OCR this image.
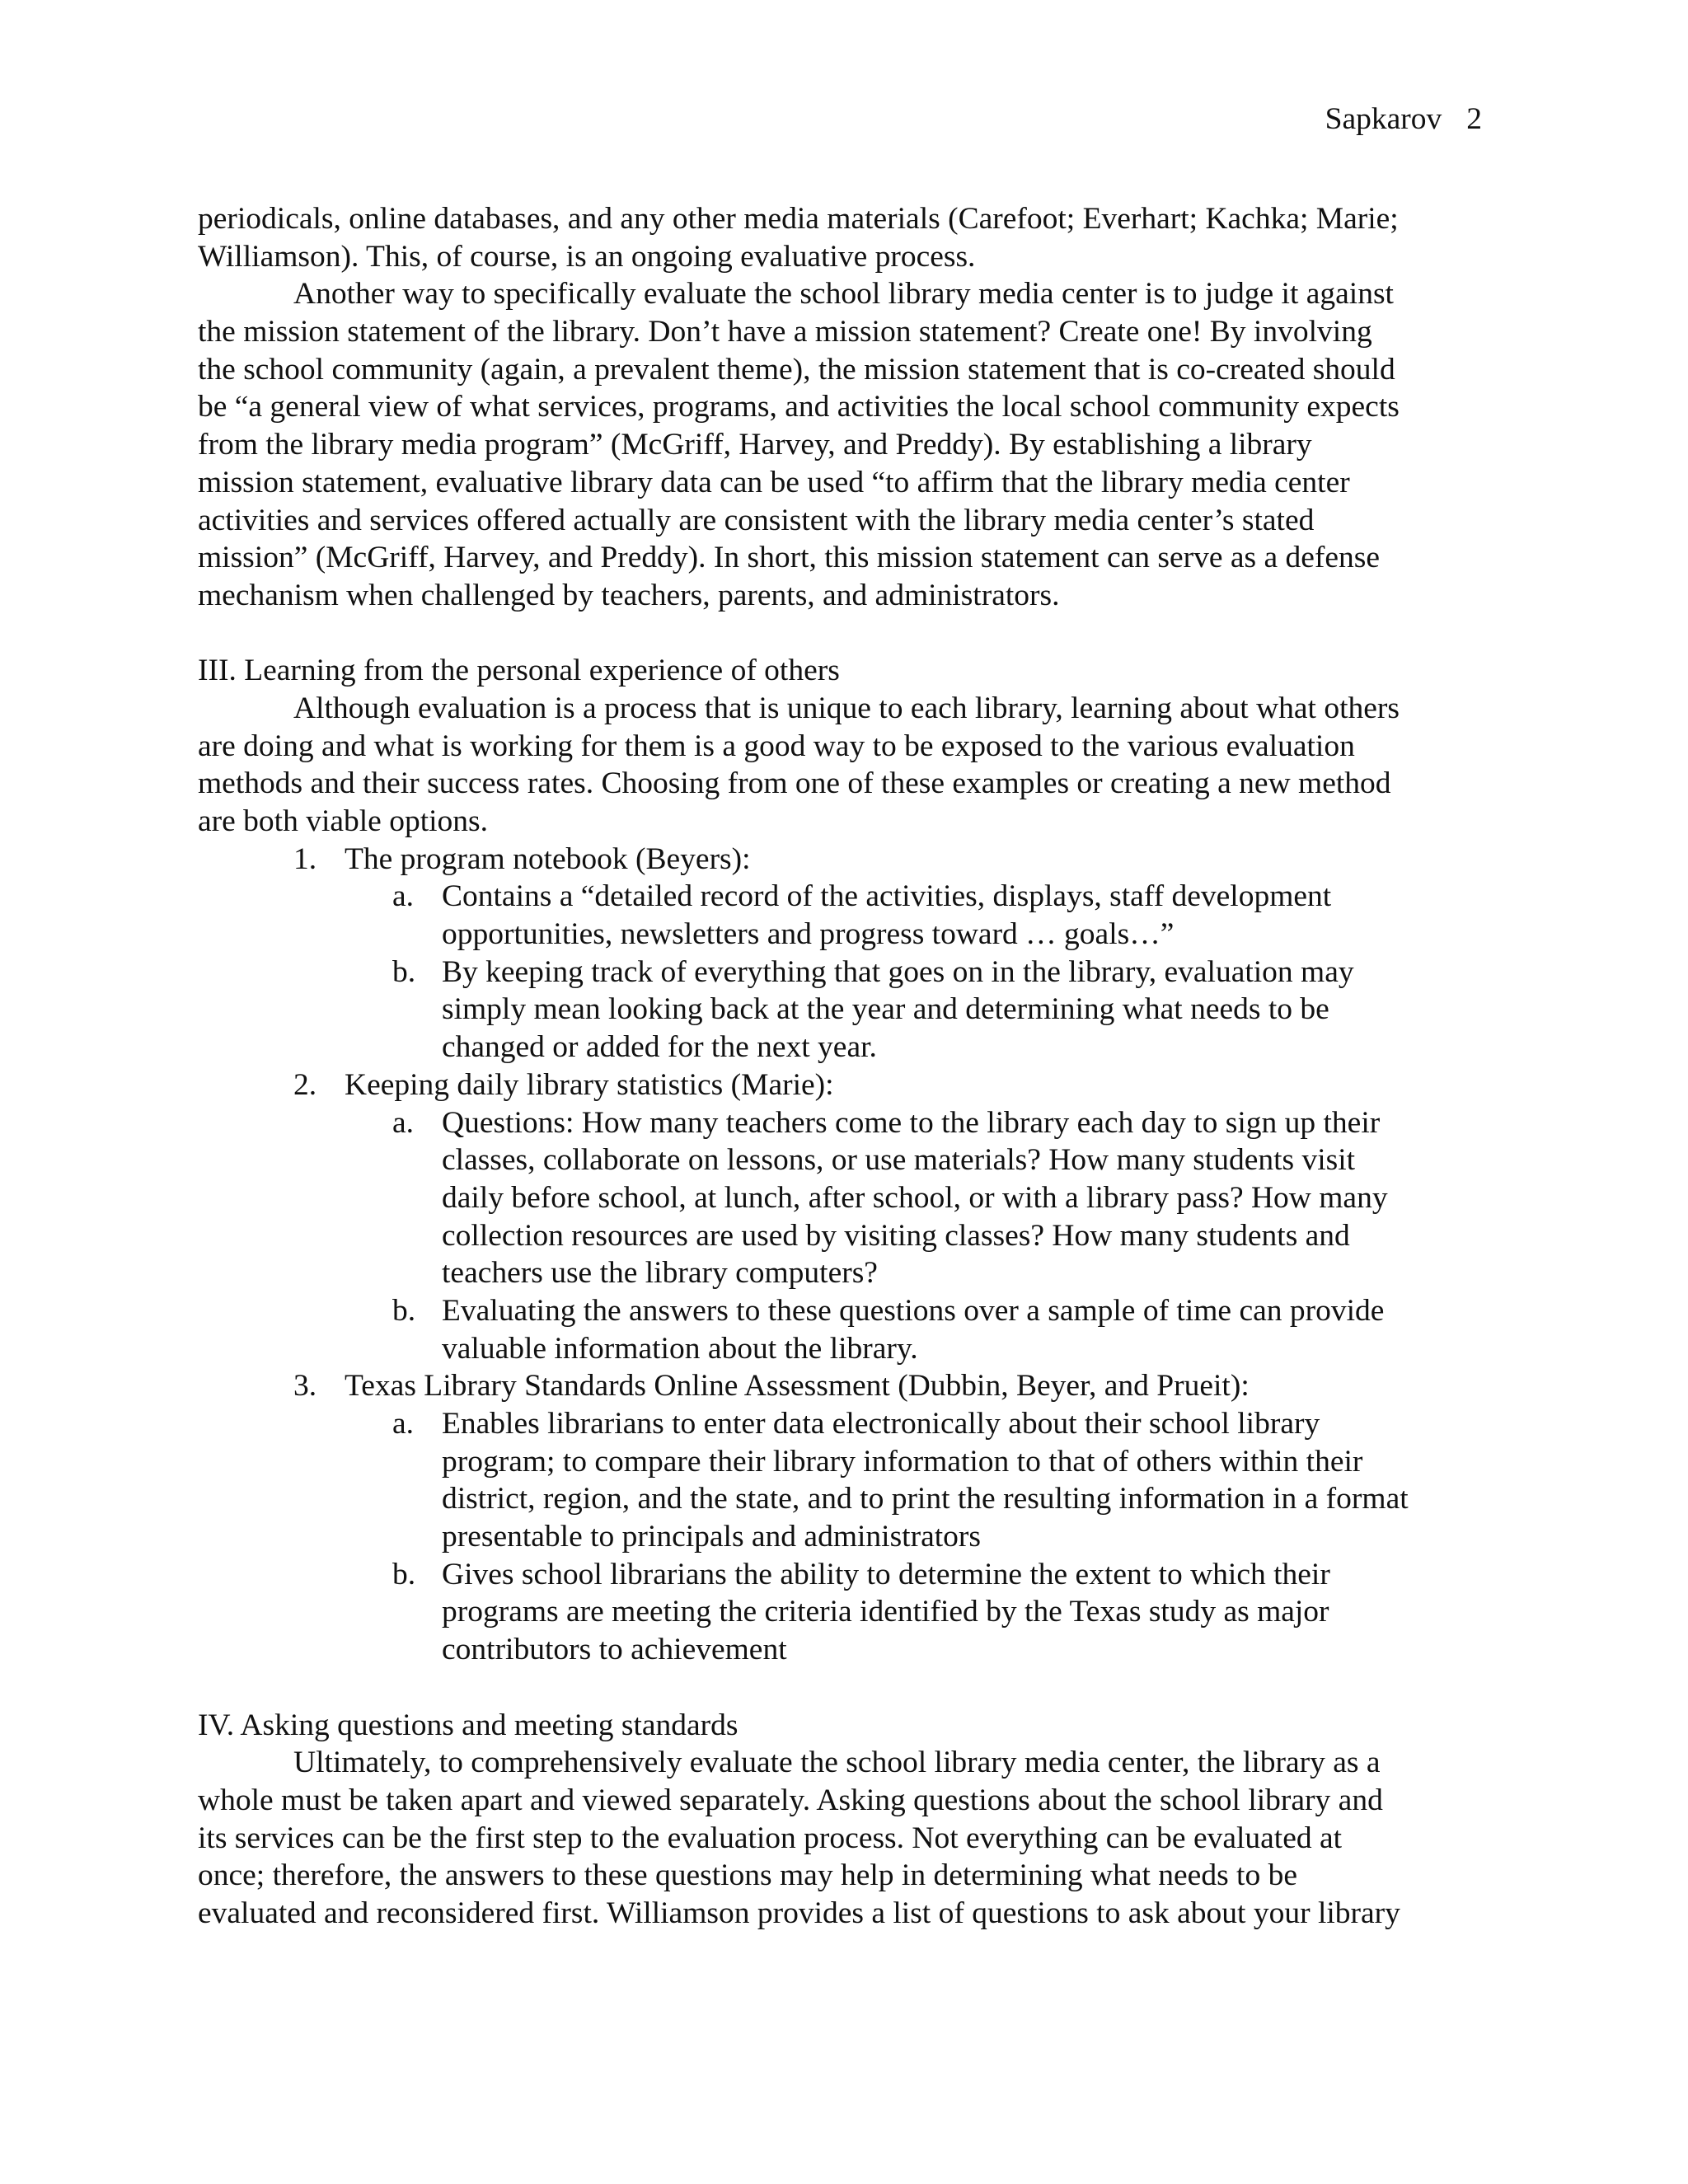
Sapkarov 2
periodicals, online databases, and any other media materials (Carefoot; Everhart; Kachka; Marie;
Williamson). This, of course, is an ongoing evaluative process.
Another way to specifically evaluate the school library media center is to judge it against
the mission statement of the library. Don’t have a mission statement? Create one! By involving
the school community (again, a prevalent theme), the mission statement that is co-created should
be “a general view of what services, programs, and activities the local school community expects
from the library media program” (McGriff, Harvey, and Preddy). By establishing a library
mission statement, evaluative library data can be used “to affirm that the library media center
activities and services offered actually are consistent with the library media center’s stated
mission” (McGriff, Harvey, and Preddy). In short, this mission statement can serve as a defense
mechanism when challenged by teachers, parents, and administrators.
III. Learning from the personal experience of others
Although evaluation is a process that is unique to each library, learning about what others
are doing and what is working for them is a good way to be exposed to the various evaluation
methods and their success rates. Choosing from one of these examples or creating a new method
are both viable options.
1. The program notebook (Beyers):
a. Contains a “detailed record of the activities, displays, staff development
opportunities, newsletters and progress toward … goals…”
b. By keeping track of everything that goes on in the library, evaluation may
simply mean looking back at the year and determining what needs to be
changed or added for the next year.
2. Keeping daily library statistics (Marie):
a. Questions: How many teachers come to the library each day to sign up their
classes, collaborate on lessons, or use materials? How many students visit
daily before school, at lunch, after school, or with a library pass? How many
collection resources are used by visiting classes? How many students and
teachers use the library computers?
b. Evaluating the answers to these questions over a sample of time can provide
valuable information about the library.
3. Texas Library Standards Online Assessment (Dubbin, Beyer, and Prueit):
a. Enables librarians to enter data electronically about their school library
program; to compare their library information to that of others within their
district, region, and the state, and to print the resulting information in a format
presentable to principals and administrators
b. Gives school librarians the ability to determine the extent to which their
programs are meeting the criteria identified by the Texas study as major
contributors to achievement
IV. Asking questions and meeting standards
Ultimately, to comprehensively evaluate the school library media center, the library as a
whole must be taken apart and viewed separately. Asking questions about the school library and
its services can be the first step to the evaluation process. Not everything can be evaluated at
once; therefore, the answers to these questions may help in determining what needs to be
evaluated and reconsidered first. Williamson provides a list of questions to ask about your library
